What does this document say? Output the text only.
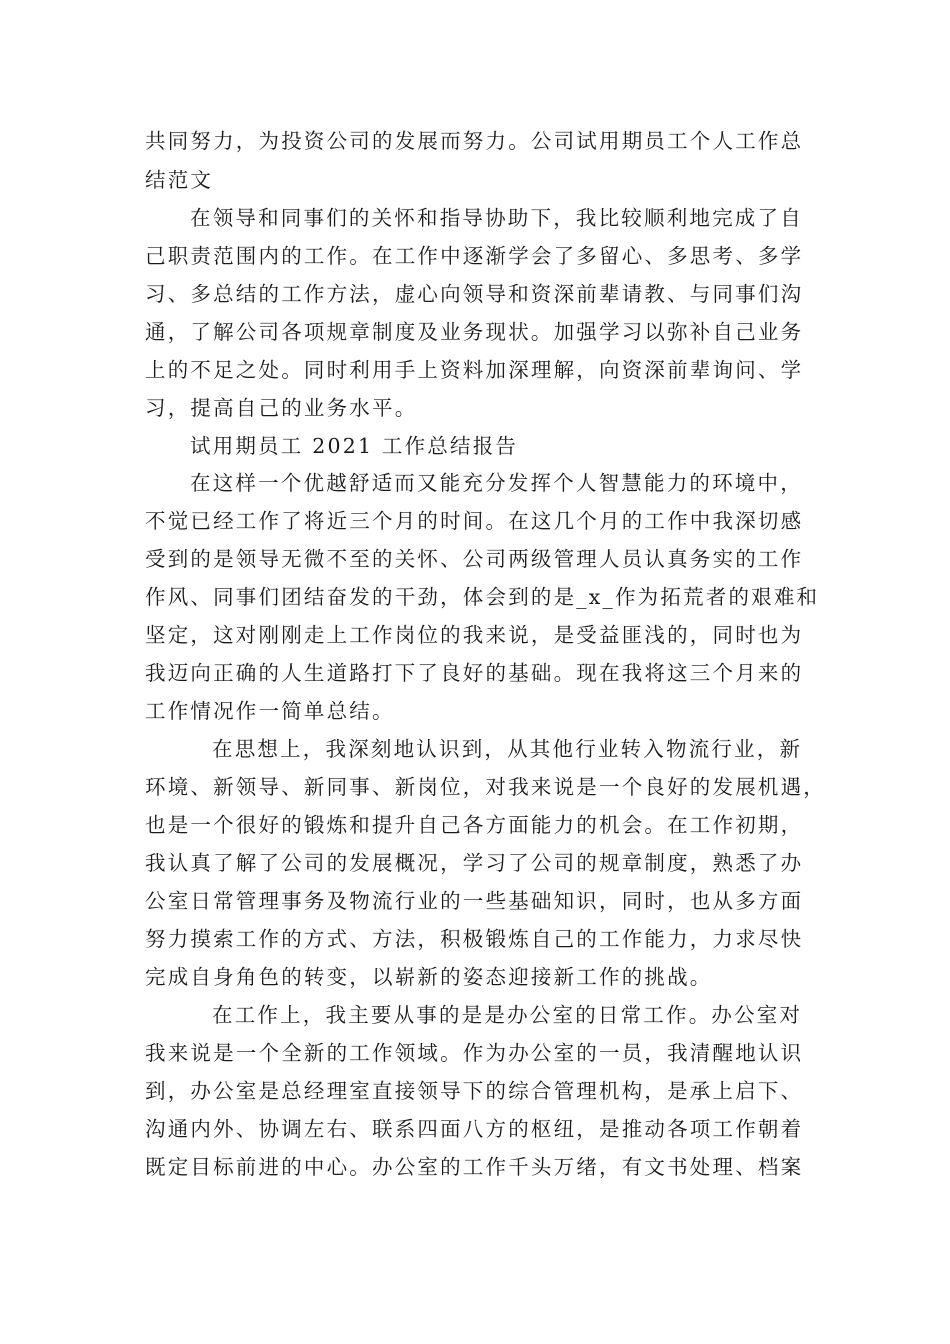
共同努力，为投资公司的发展而努力。公司试用期员工个人工作总
结范文
在领导和同事们的关怀和指导协助下，我比较顺利地完成了自
己职责范围内的工作。在工作中逐渐学会了多留心、多思考、多学
习、多总结的工作方法，虚心向领导和资深前辈请教、与同事们沟
通，了解公司各项规章制度及业务现状。加强学习以弥补自己业务
上的不足之处。同时利用手上资料加深理解，向资深前辈询问、学
习，提高自己的业务水平。
试用期员工 2021 工作总结报告
在这样一个优越舒适而又能充分发挥个人智慧能力的环境中，
不觉已经工作了将近三个月的时间。在这几个月的工作中我深切感
受到的是领导无微不至的关怀、公司两级管理人员认真务实的工作
作风、同事们团结奋发的干劲，体会到的是_x_作为拓荒者的艰难和
坚定，这对刚刚走上工作岗位的我来说，是受益匪浅的，同时也为
我迈向正确的人生道路打下了良好的基础。现在我将这三个月来的
工作情况作一简单总结。
在思想上，我深刻地认识到，从其他行业转入物流行业，新
环境、新领导、新同事、新岗位，对我来说是一个良好的发展机遇，
也是一个很好的锻炼和提升自己各方面能力的机会。在工作初期，
我认真了解了公司的发展概况，学习了公司的规章制度，熟悉了办
公室日常管理事务及物流行业的一些基础知识，同时，也从多方面
努力摸索工作的方式、方法，积极锻炼自己的工作能力，力求尽快
完成自身角色的转变，以崭新的姿态迎接新工作的挑战。
在工作上，我主要从事的是是办公室的日常工作。办公室对
我来说是一个全新的工作领域。作为办公室的一员，我清醒地认识
到，办公室是总经理室直接领导下的综合管理机构，是承上启下、
沟通内外、协调左右、联系四面八方的枢纽，是推动各项工作朝着
既定目标前进的中心。办公室的工作千头万绪，有文书处理、档案
